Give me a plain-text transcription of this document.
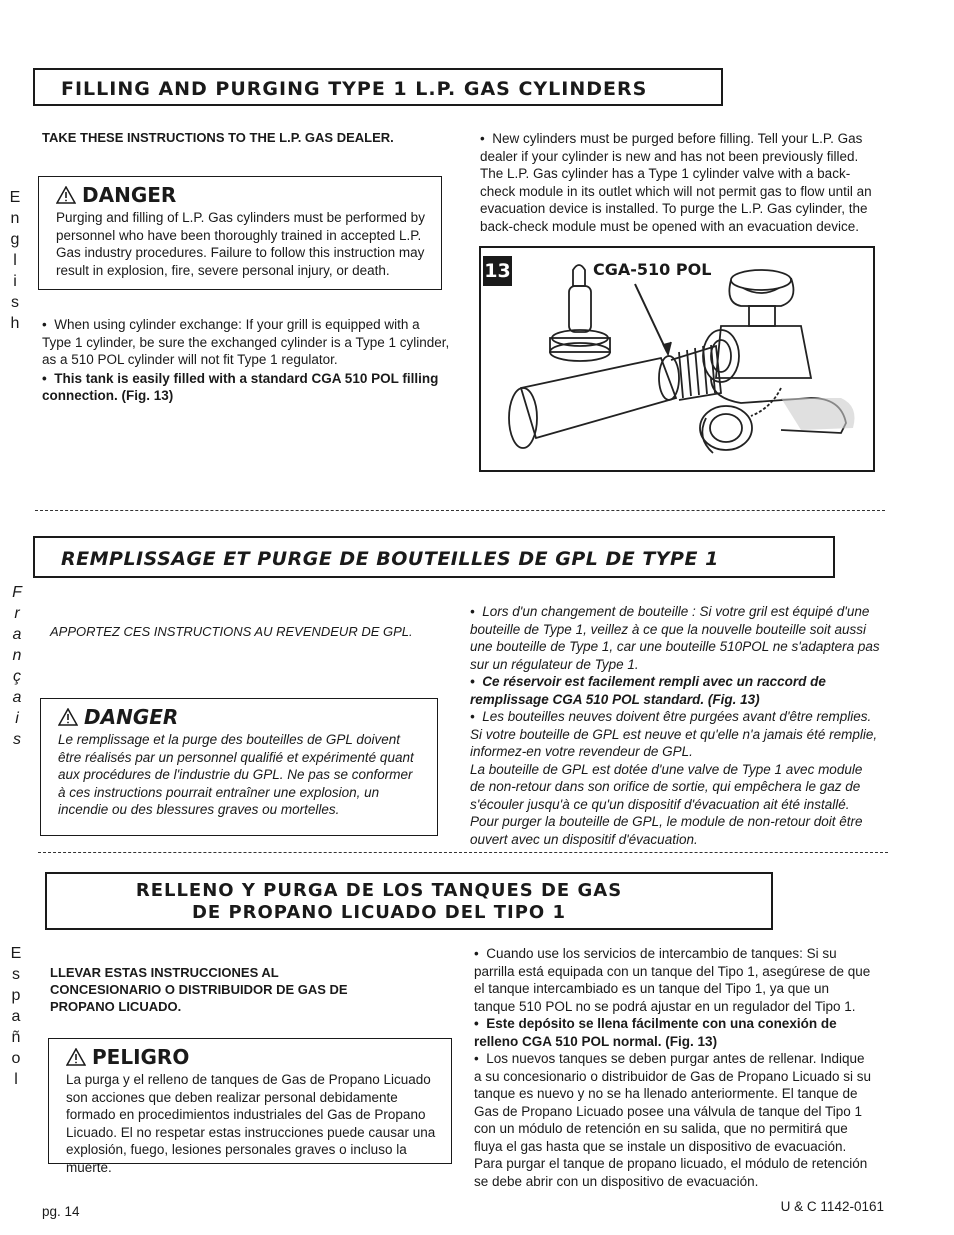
FILLING AND PURGING TYPE 1 L.P. GAS CYLINDERS
E
n
g
l
i
s
h
TAKE THESE INSTRUCTIONS TO THE L.P. GAS DEALER.
DANGER

Purging and filling of L.P. Gas cylinders must be performed by personnel who have been thoroughly trained in accepted L.P. Gas industry procedures. Failure to follow this instruction may result in explosion, fire, severe personal injury, or death.

•  When using cylinder exchange: If your grill is equipped with a Type 1 cylinder, be sure the exchanged cylinder is a Type 1 cylinder, as a 510 POL cylinder will not fit Type 1 regulator.

•  This tank is easily filled with a standard CGA 510 POL filling connection. (Fig. 13)

•  New cylinders must be purged before filling. Tell your L.P. Gas dealer if your cylinder is new and has not been previously filled. The L.P. Gas cylinder has a Type 1 cylinder valve with a back-check module in its outlet which will not permit gas to flow until an evacuation device is installed. To purge the L.P. Gas cylinder, the back-check module must be opened with an evacuation device.

13	CGA-510 POL
REMPLISSAGE ET PURGE DE BOUTEILLES DE GPL DE TYPE 1
F
r
a
n
ç
a
i
s
APPORTEZ CES INSTRUCTIONS AU REVENDEUR DE GPL.
DANGER

Le remplissage et la purge des bouteilles de GPL doivent être réalisés par un personnel qualifié et expérimenté quant aux procédures de l'industrie du GPL. Ne pas se conformer à ces instructions pourrait entraîner une explosion, un incendie ou des blessures graves ou mortelles.

•  Lors d'un changement de bouteille : Si votre gril est équipé d'une bouteille de Type 1, veillez à ce que la nouvelle bouteille soit aussi une bouteille de Type 1, car une bouteille 510POL ne s'adaptera pas sur un régulateur de Type 1.

•  Ce réservoir est facilement rempli avec un raccord de remplissage CGA 510 POL standard. (Fig. 13)

•  Les bouteilles neuves doivent être purgées avant d'être remplies. Si votre bouteille de GPL est neuve et qu'elle n'a jamais été remplie, informez-en votre revendeur de GPL.

La bouteille de GPL est dotée d'une valve de Type 1 avec module de non-retour dans son orifice de sortie, qui empêchera le gaz de s'écouler jusqu'à ce qu'un dispositif d'évacuation ait été installé. Pour purger la bouteille de GPL, le module de non-retour doit être ouvert avec un dispositif d'évacuation.

RELLENO Y PURGA DE LOS TANQUES DE GAS
DE PROPANO LICUADO DEL TIPO 1
E
s
p
a
ñ
o
l
LLEVAR ESTAS INSTRUCCIONES AL CONCESIONARIO O DISTRIBUIDOR DE GAS DE PROPANO LICUADO.
PELIGRO

La purga y el relleno de tanques de Gas de Propano Licuado son acciones que deben realizar personal debidamente formado en procedimientos industriales del Gas de Propano Licuado. El no respetar estas instrucciones puede causar una explosión, fuego, lesiones personales graves o incluso la muerte.

•  Cuando use los servicios de intercambio de tanques: Si su parrilla está equipada con un tanque del Tipo 1, asegúrese de que el tanque intercambiado es un tanque del Tipo 1, ya que un tanque 510 POL no se podrá ajustar en un regulador del Tipo 1.

•  Este depósito se llena fácilmente con una conexión de relleno CGA 510 POL normal. (Fig. 13)

•  Los nuevos tanques se deben purgar antes de rellenar. Indique a su concesionario o distribuidor de Gas de Propano Licuado si su tanque es nuevo y no se ha llenado anteriormente. El tanque de Gas de Propano Licuado posee una válvula de tanque del Tipo 1 con un módulo de retención en su salida, que no permitirá que fluya el gas hasta que se instale un dispositivo de evacuación. Para purgar el tanque de propano licuado, el módulo de retención se debe abrir con un dispositivo de evacuación.

pg. 14	U & C 1142-0161
